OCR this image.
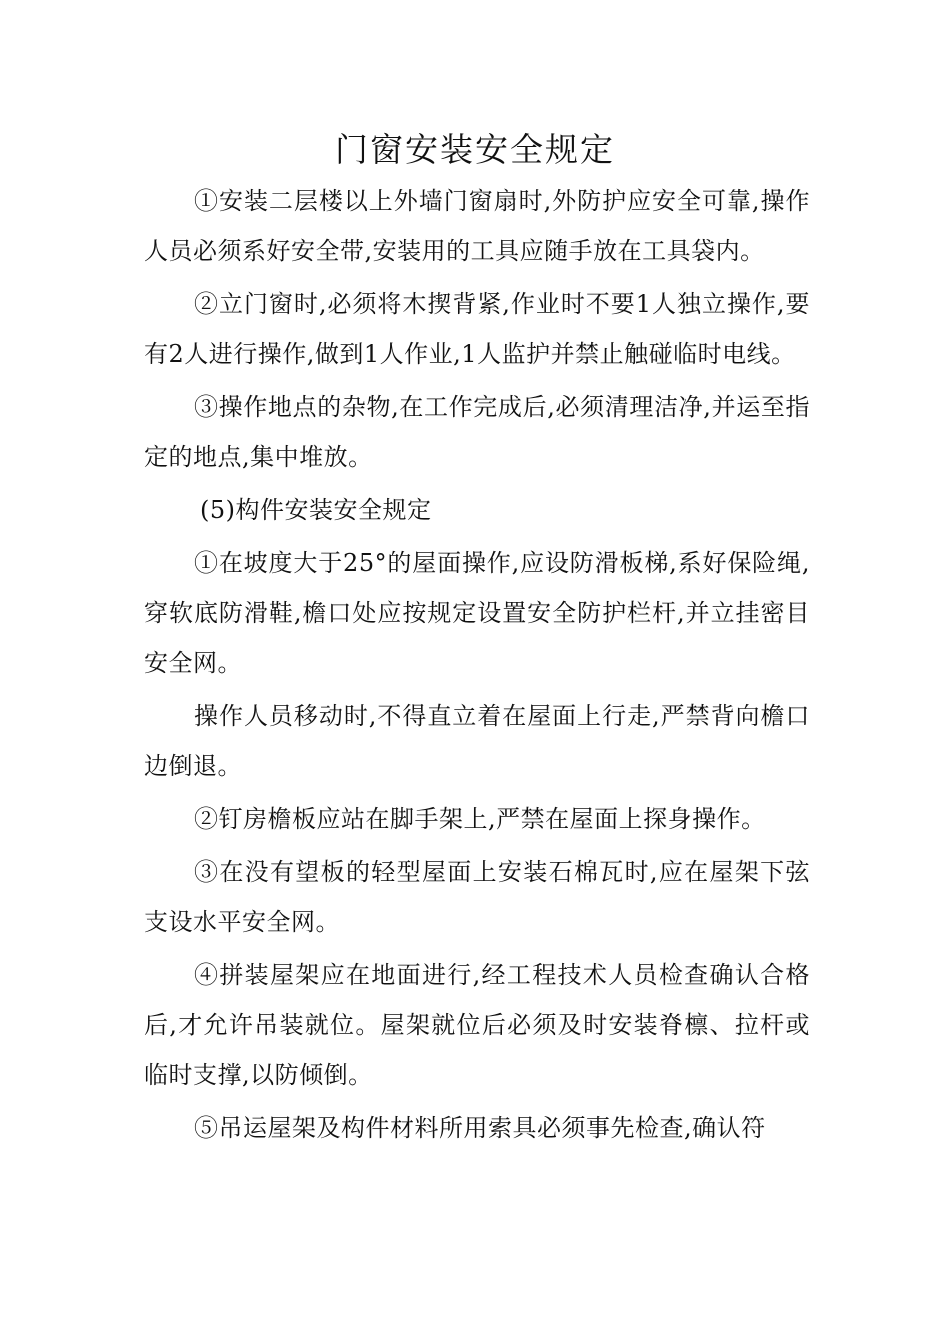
门窗安装安全规定

①安装二层楼以上外墙门窗扇时,外防护应安全可靠,操作人员必须系好安全带,安装用的工具应随手放在工具袋内。

②立门窗时,必须将木揳背紧,作业时不要1人独立操作,要有2人进行操作,做到1人作业,1人监护并禁止触碰临时电线。

③操作地点的杂物,在工作完成后,必须清理洁净,并运至指定的地点,集中堆放。

(5)构件安装安全规定

①在坡度大于25°的屋面操作,应设防滑板梯,系好保险绳,穿软底防滑鞋,檐口处应按规定设置安全防护栏杆,并立挂密目安全网。

操作人员移动时,不得直立着在屋面上行走,严禁背向檐口边倒退。

②钉房檐板应站在脚手架上,严禁在屋面上探身操作。

③在没有望板的轻型屋面上安装石棉瓦时,应在屋架下弦支设水平安全网。

④拼装屋架应在地面进行,经工程技术人员检查确认合格后,才允许吊装就位。屋架就位后必须及时安装脊檩、拉杆或临时支撑,以防倾倒。

⑤吊运屋架及构件材料所用索具必须事先检查,确认符
